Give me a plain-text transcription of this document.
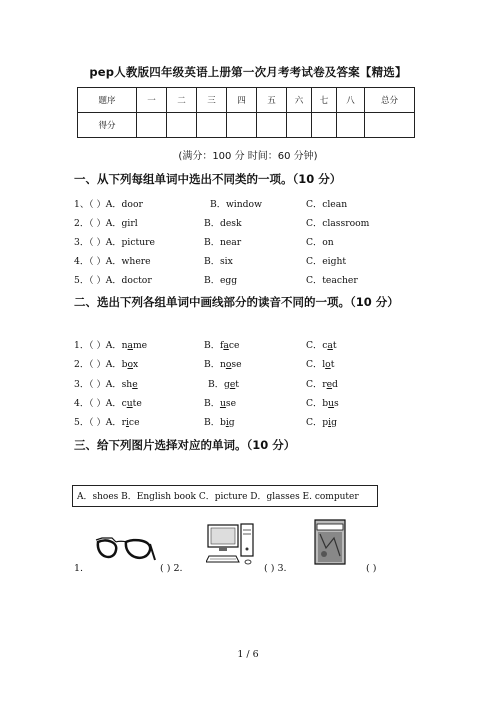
pep人教版四年级英语上册第一次月考考试卷及答案【精选】
题序	一	二	三	四	五	六	七	八	总分
得分									
(满分：100 分 时间：60 分钟)
一、从下列每组单词中选出不同类的一项。（10 分）
1、（ ）A．door	B．window	C．clean
2．（ ）A．girl	B．desk	C．classroom
3．（ ）A．picture	B．near	C．on
4．（ ）A．where	B．six	C．eight
5．（ ）A．doctor	B．egg	C．teacher
二、选出下列各组单词中画线部分的读音不同的一项。（10 分）
1．（ ）A．name	B．face	C．cat
2．（ ）A．box	B．nose	C．lot
3．（ ）A．she	B．get	C．red
4．（ ）A．cute	B．use	C．bus
5．（ ）A．rice	B．big	C．pig
三、给下列图片选择对应的单词。（10 分）
A．shoes B．English book C．picture D．glasses E. computer
1.	( ) 2.	( ) 3.	( )
1 / 6
